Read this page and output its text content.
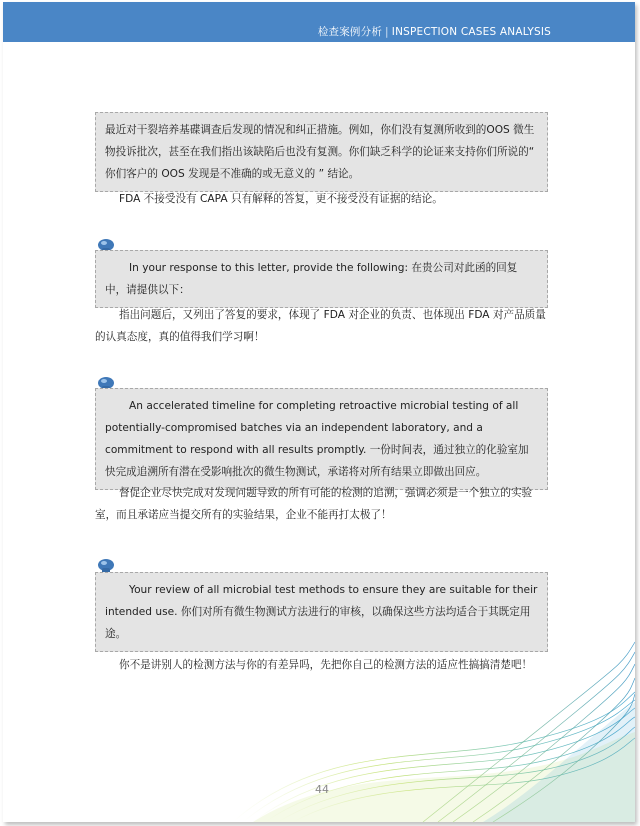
检查案例分析 | INSPECTION CASES ANALYSIS
最近对干裂培养基碟调查后发现的情况和纠正措施。例如，你们没有复测所收到的OOS 微生物投诉批次，甚至在我们指出该缺陷后也没有复测。你们缺乏科学的论证来支持你们所说的“ 你们客户的 OOS 发现是不准确的或无意义的 ” 结论。
FDA 不接受没有 CAPA 只有解释的答复，更不接受没有证据的结论。
In your response to this letter, provide the following: 在贵公司对此函的回复中，请提供以下：
指出问题后，又列出了答复的要求，体现了 FDA 对企业的负责、也体现出 FDA 对产品质量的认真态度，真的值得我们学习啊！
An accelerated timeline for completing retroactive microbial testing of all potentially-compromised batches via an independent laboratory, and a commitment to respond with all results promptly. 一份时间表，通过独立的化验室加快完成追溯所有潜在受影响批次的微生物测试，承诺将对所有结果立即做出回应。
督促企业尽快完成对发现问题导致的所有可能的检测的追溯，强调必须是一个独立的实验室，而且承诺应当提交所有的实验结果，企业不能再打太极了！
Your review of all microbial test methods to ensure they are suitable for their intended use. 你们对所有微生物测试方法进行的审核，以确保这些方法均适合于其既定用途。
你不是讲别人的检测方法与你的有差异吗，先把你自己的检测方法的适应性搞搞清楚吧！
44
